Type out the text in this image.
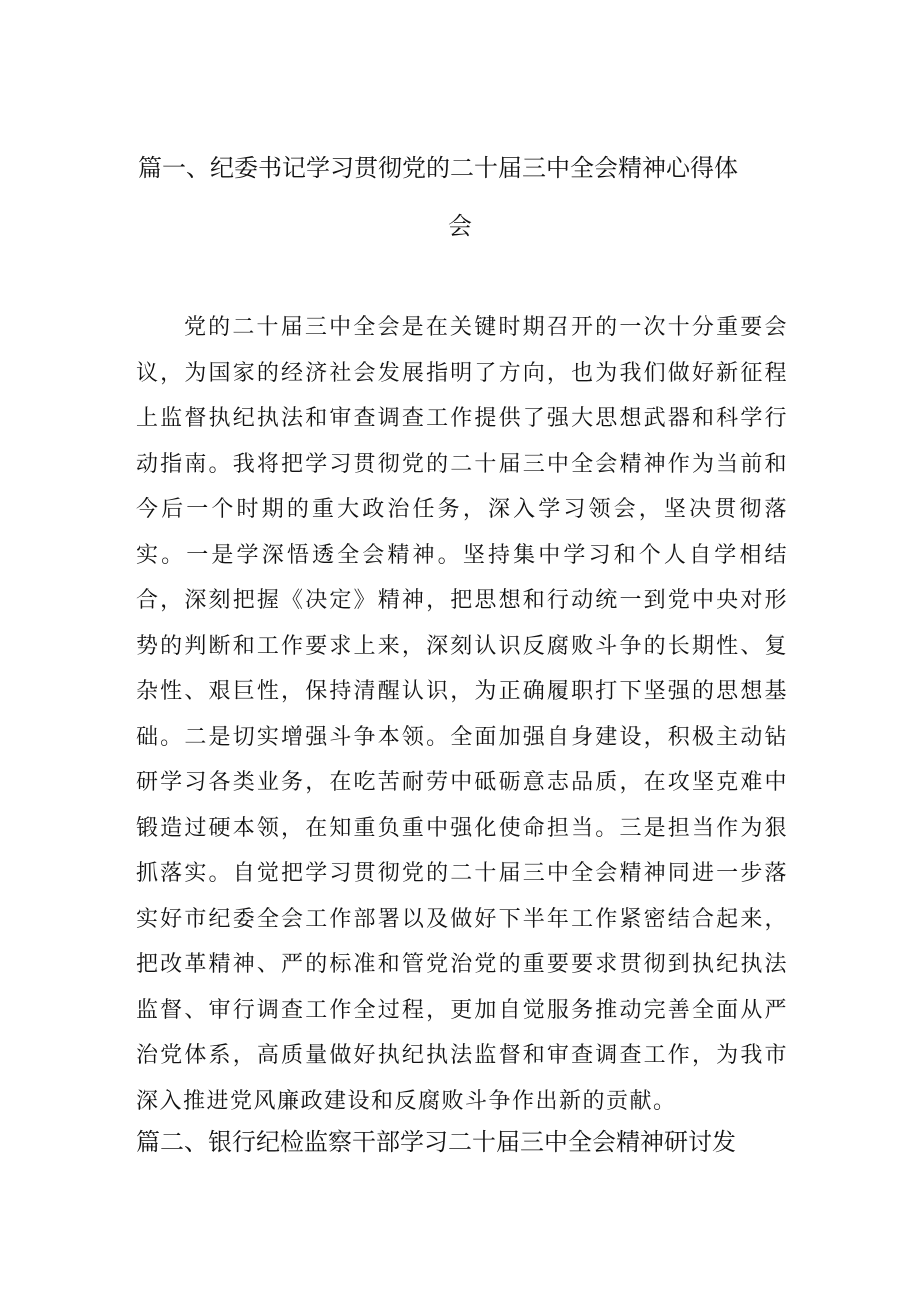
篇一、纪委书记学习贯彻党的二十届三中全会精神心得体
会

党的二十届三中全会是在关键时期召开的一次十分重要会议，为国家的经济社会发展指明了方向，也为我们做好新征程上监督执纪执法和审查调查工作提供了强大思想武器和科学行动指南。我将把学习贯彻党的二十届三中全会精神作为当前和今后一个时期的重大政治任务，深入学习领会，坚决贯彻落实。一是学深悟透全会精神。坚持集中学习和个人自学相结合，深刻把握《决定》精神，把思想和行动统一到党中央对形势的判断和工作要求上来，深刻认识反腐败斗争的长期性、复杂性、艰巨性，保持清醒认识，为正确履职打下坚强的思想基础。二是切实增强斗争本领。全面加强自身建设，积极主动钻研学习各类业务，在吃苦耐劳中砥砺意志品质，在攻坚克难中锻造过硬本领，在知重负重中强化使命担当。三是担当作为狠抓落实。自觉把学习贯彻党的二十届三中全会精神同进一步落实好市纪委全会工作部署以及做好下半年工作紧密结合起来，把改革精神、严的标准和管党治党的重要要求贯彻到执纪执法监督、审行调查工作全过程，更加自觉服务推动完善全面从严治党体系，高质量做好执纪执法监督和审查调查工作，为我市深入推进党风廉政建设和反腐败斗争作出新的贡献。

篇二、银行纪检监察干部学习二十届三中全会精神研讨发
